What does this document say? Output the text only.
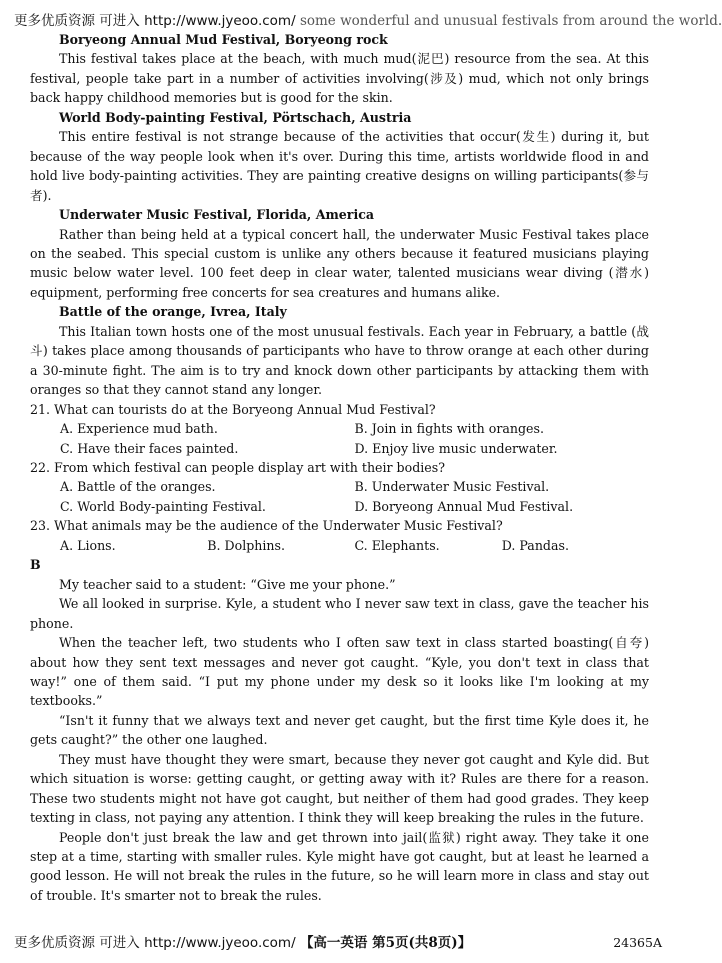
更多优质资源 可进入 http://www.jyeoo.com/ some wonderful and unusual festivals from around the world.

Boryeong Annual Mud Festival, Boryeong rock

This festival takes place at the beach, with much mud(泥巴) resource from the sea. At this festival, people take part in a number of activities involving(涉及) mud, which not only brings back happy childhood memories but is good for the skin.

World Body-painting Festival, Pörtschach, Austria

This entire festival is not strange because of the activities that occur(发生) during it, but because of the way people look when it's over. During this time, artists worldwide flood in and hold live body-painting activities. They are painting creative designs on willing participants(参与者).

Underwater Music Festival, Florida, America

Rather than being held at a typical concert hall, the underwater Music Festival takes place on the seabed. This special custom is unlike any others because it featured musicians playing music below water level. 100 feet deep in clear water, talented musicians wear diving (潜水) equipment, performing free concerts for sea creatures and humans alike.

Battle of the orange, Ivrea, Italy

This Italian town hosts one of the most unusual festivals. Each year in February, a battle (战斗) takes place among thousands of participants who have to throw orange at each other during a 30-minute fight. The aim is to try and knock down other participants by attacking them with oranges so that they cannot stand any longer.

21. What can tourists do at the Boryeong Annual Mud Festival?

A. Experience mud bath.	B. Join in fights with oranges.
C. Have their faces painted.	D. Enjoy live music underwater.

22. From which festival can people display art with their bodies?

A. Battle of the oranges.	B. Underwater Music Festival.
C. World Body-painting Festival.	D. Boryeong Annual Mud Festival.

23. What animals may be the audience of the Underwater Music Festival?

A. Lions.	B. Dolphins.	C. Elephants.	D. Pandas.

B

My teacher said to a student: “Give me your phone.”

We all looked in surprise. Kyle, a student who I never saw text in class, gave the teacher his phone.

When the teacher left, two students who I often saw text in class started boasting(自夸) about how they sent text messages and never got caught. “Kyle, you don't text in class that way!” one of them said. “I put my phone under my desk so it looks like I'm looking at my textbooks.”

“Isn't it funny that we always text and never get caught, but the first time Kyle does it, he gets caught?” the other one laughed.

They must have thought they were smart, because they never got caught and Kyle did. But which situation is worse: getting caught, or getting away with it? Rules are there for a reason. These two students might not have got caught, but neither of them had good grades. They keep texting in class, not paying any attention. I think they will keep breaking the rules in the future.

People don't just break the law and get thrown into jail(监狱) right away. They take it one step at a time, starting with smaller rules. Kyle might have got caught, but at least he learned a good lesson. He will not break the rules in the future, so he will learn more in class and stay out of trouble. It's smarter not to break the rules.

更多优质资源 可进入 http://www.jyeoo.com/ 【高一英语 第5页(共8页)】	24365A
